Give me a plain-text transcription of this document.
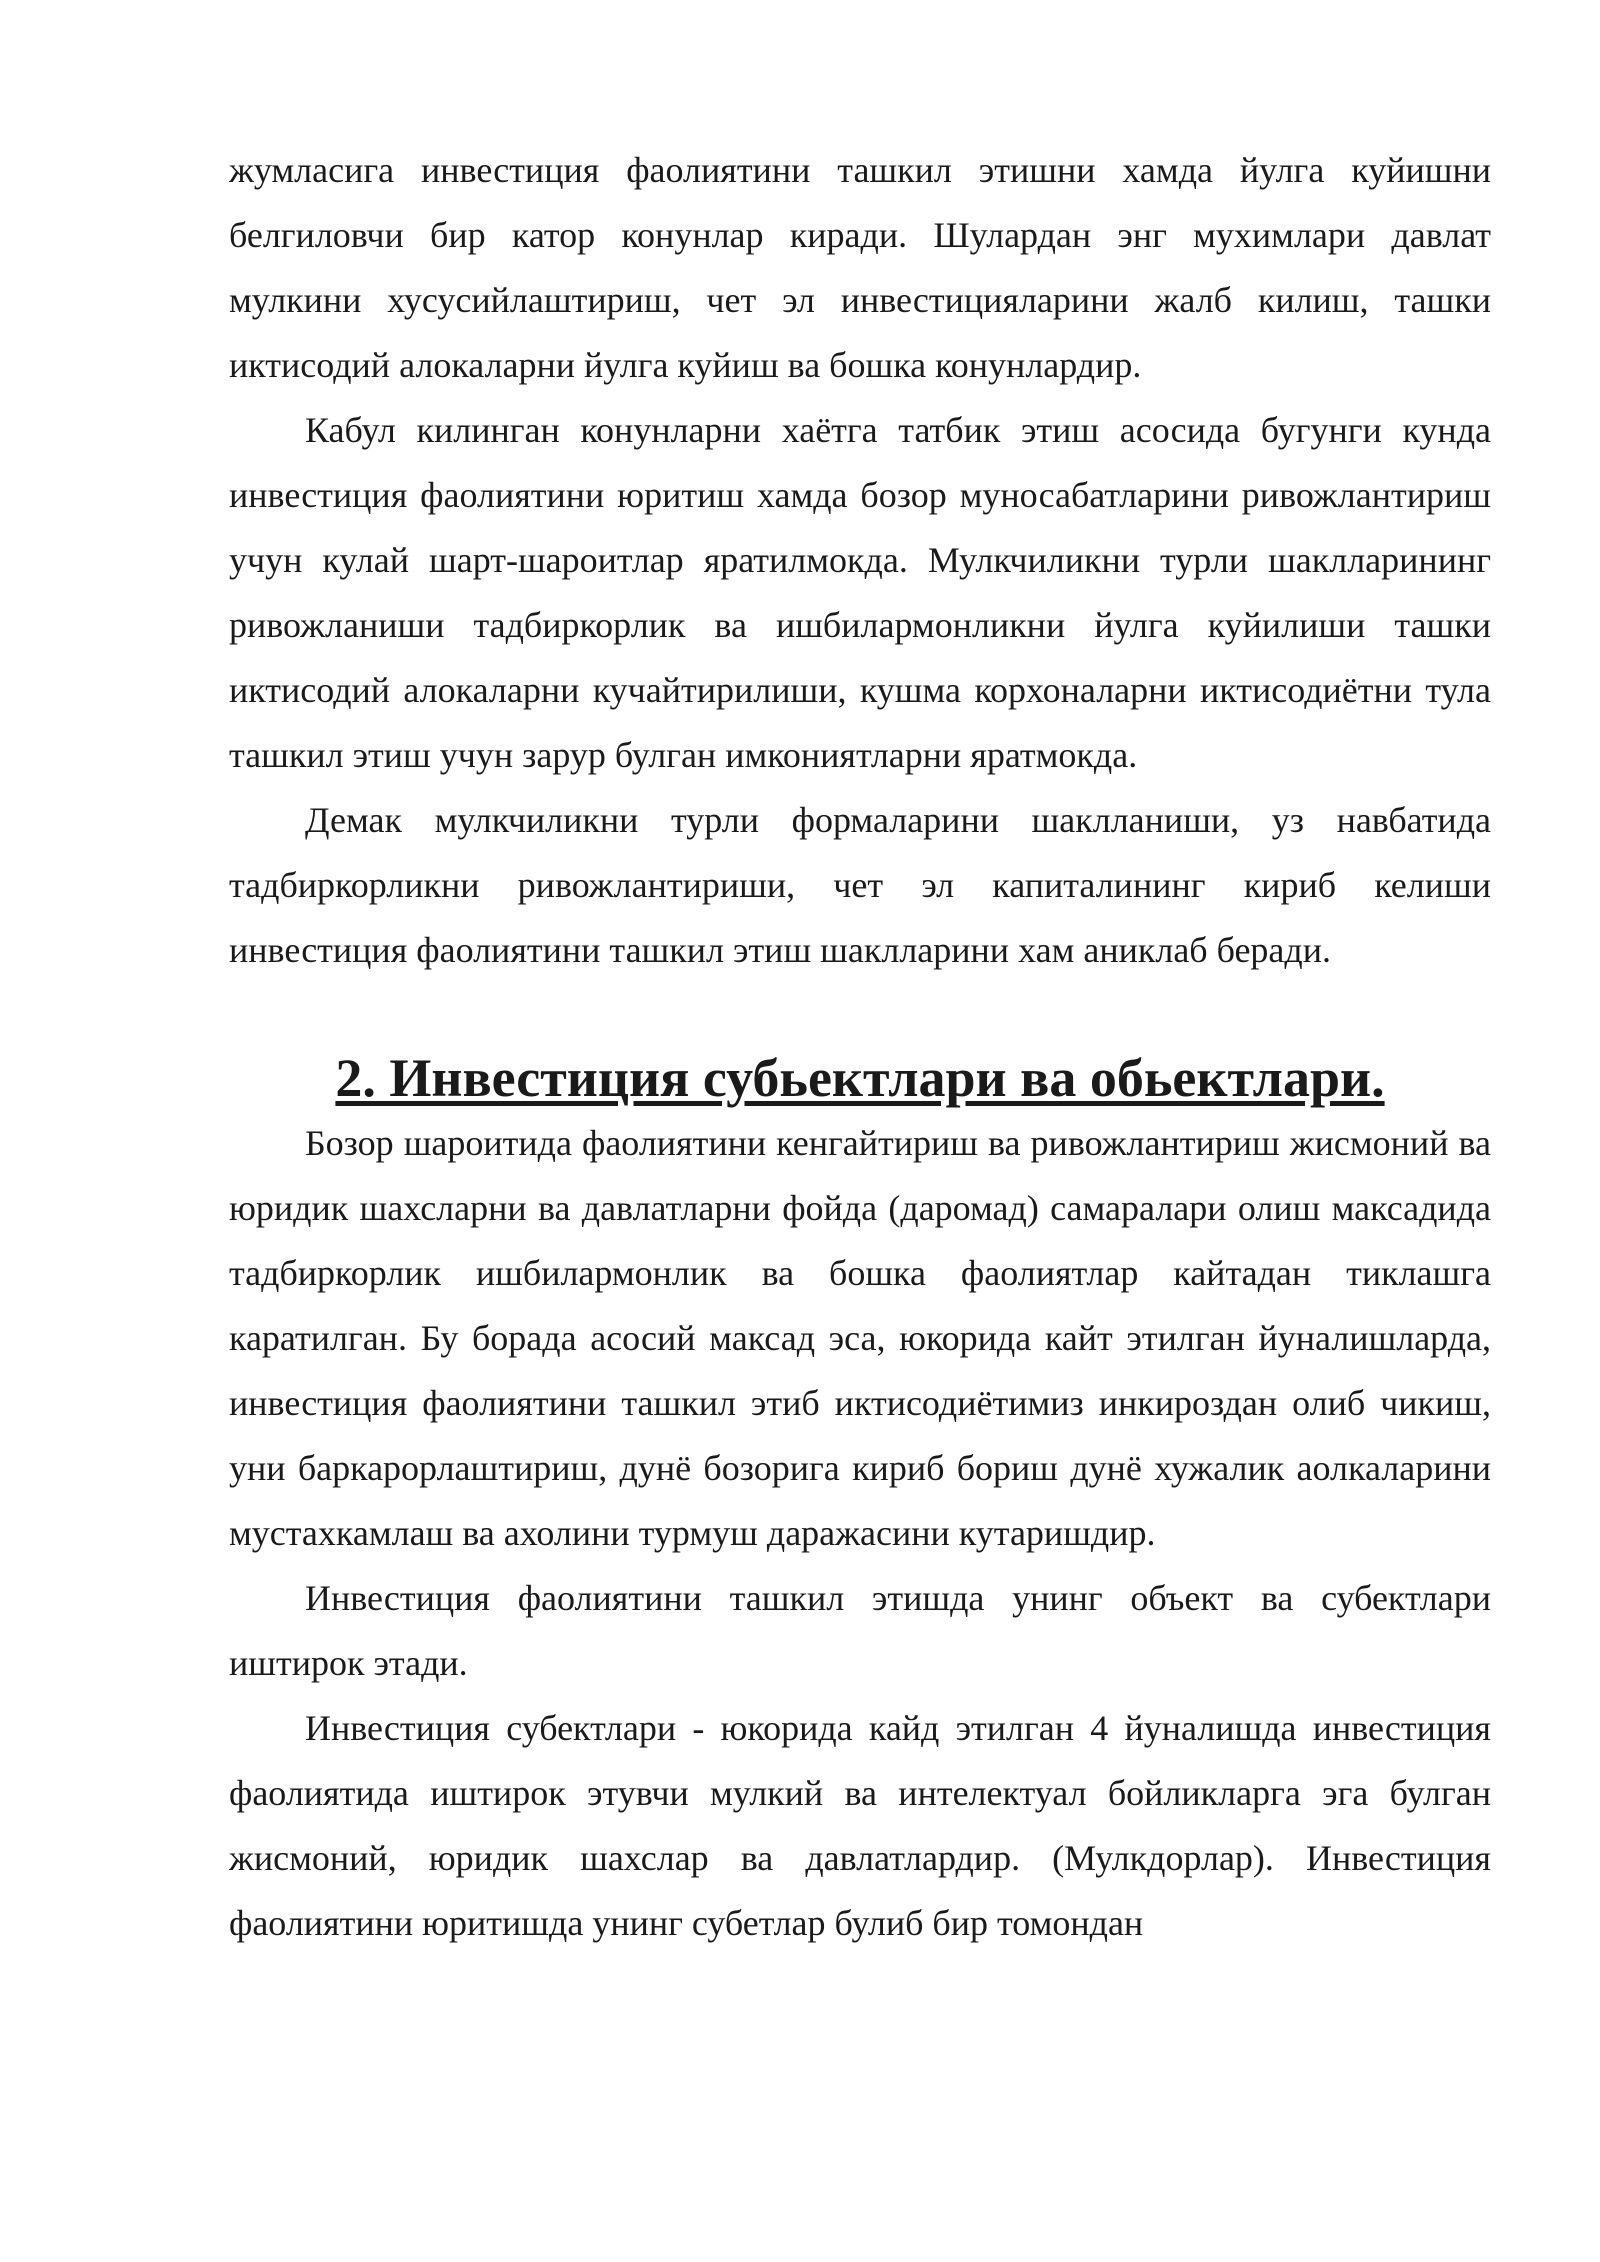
жумласига инвестиция фаолиятини ташкил этишни хамда йулга куйишни белгиловчи бир катор конунлар киради. Шулардан энг мухимлари давлат мулкини хусусийлаштириш, чет эл инвестицияларини жалб килиш, ташки иктисодий алокаларни йулга куйиш ва бошка конунлардир.

Кабул килинган конунларни хаётга татбик этиш асосида бугунги кунда инвестиция фаолиятини юритиш хамда бозор муносабатларини ривожлантириш учун кулай шарт-шароитлар яратилмокда. Мулкчиликни турли шаклларининг ривожланиши тадбиркорлик ва ишбилармонликни йулга куйилиши ташки иктисодий алокаларни кучайтирилиши, кушма корхоналарни иктисодиётни тула ташкил этиш учун зарур булган имкониятларни яратмокда.

Демак мулкчиликни турли формаларини шаклланиши, уз навбатида тадбиркорликни ривожлантириши, чет эл капиталининг кириб келиши инвестиция фаолиятини ташкил этиш шаклларини хам аниклаб беради.

2. Инвестиция субьектлари ва обьектлари.

Бозор шароитида фаолиятини кенгайтириш ва ривожлантириш жисмоний ва юридик шахсларни ва давлатларни фойда (даромад) самаралари олиш максадида тадбиркорлик ишбилармонлик ва бошка фаолиятлар кайтадан тиклашга каратилган. Бу борада асосий максад эса, юкорида кайт этилган йуналишларда, инвестиция фаолиятини ташкил этиб иктисодиётимиз инкироздан олиб чикиш, уни баркарорлаштириш, дунё бозорига кириб бориш дунё хужалик аолкаларини мустахкамлаш ва ахолини турмуш даражасини кутаришдир.

Инвестиция фаолиятини ташкил этишда унинг объект ва субектлари иштирок этади.

Инвестиция субектлари - юкорида кайд этилган 4 йуналишда инвестиция фаолиятида иштирок этувчи мулкий ва интелектуал бойликларга эга булган жисмоний, юридик шахслар ва давлатлардир. (Мулкдорлар). Инвестиция фаолиятини юритишда унинг субетлар булиб бир томондан
